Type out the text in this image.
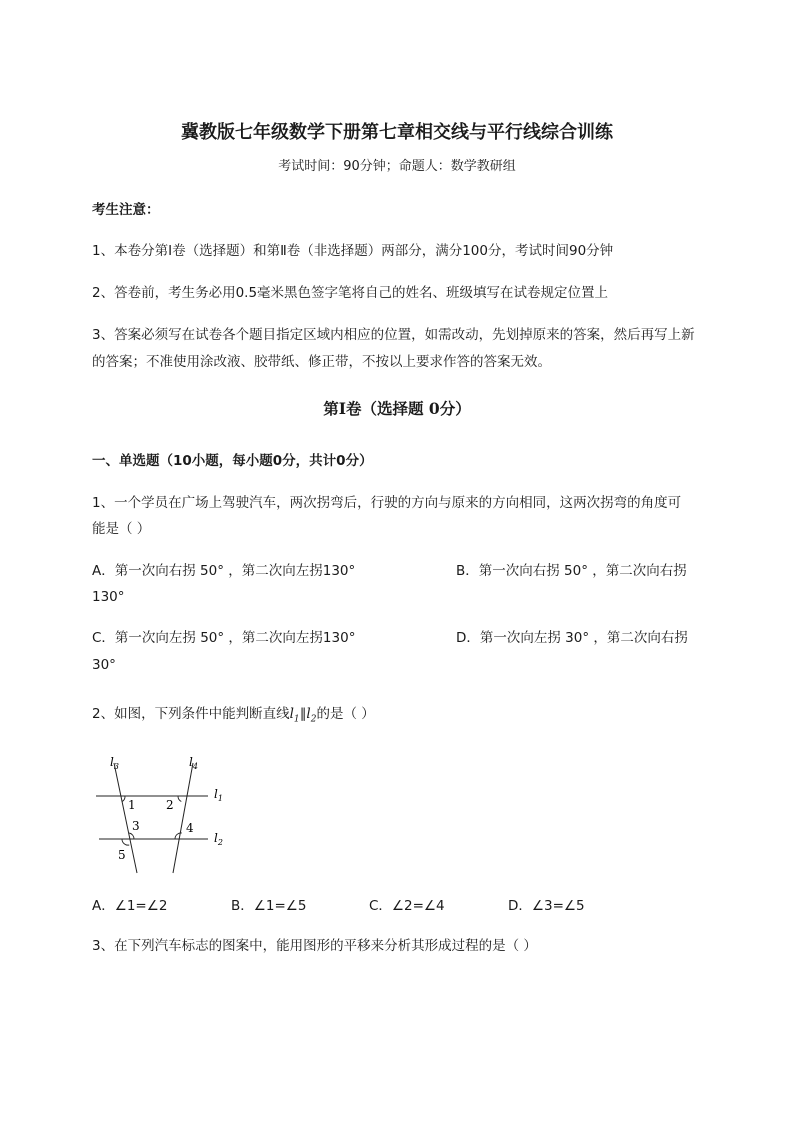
冀教版七年级数学下册第七章相交线与平行线综合训练
考试时间：90分钟；命题人：数学教研组
考生注意：
1、本卷分第I卷（选择题）和第Ⅱ卷（非选择题）两部分，满分100分，考试时间90分钟
2、答卷前，考生务必用0.5毫米黑色签字笔将自己的姓名、班级填写在试卷规定位置上
3、答案必须写在试卷各个题目指定区域内相应的位置，如需改动，先划掉原来的答案，然后再写上新
的答案；不准使用涂改液、胶带纸、修正带，不按以上要求作答的答案无效。
第I卷（选择题 0分）
一、单选题（10小题，每小题0分，共计0分）
1、一个学员在广场上驾驶汽车，两次拐弯后，行驶的方向与原来的方向相同，这两次拐弯的角度可
能是（ ）
A．第一次向右拐 50° ，第二次向左拐130°	B．第一次向右拐 50° ，第二次向右拐
130°
C．第一次向左拐 50° ，第二次向左拐130°	D．第一次向左拐 30° ，第二次向右拐
30°
2、如图，下列条件中能判断直线$l_1\parallel l_2$的是（ ）
$l_3$	$l_4$
$l_1$
$l_2$
1	2
3	4
5
A．∠1=∠2	B．∠1=∠5	C．∠2=∠4	D．∠3=∠5
3、在下列汽车标志的图案中，能用图形的平移来分析其形成过程的是（ ）
